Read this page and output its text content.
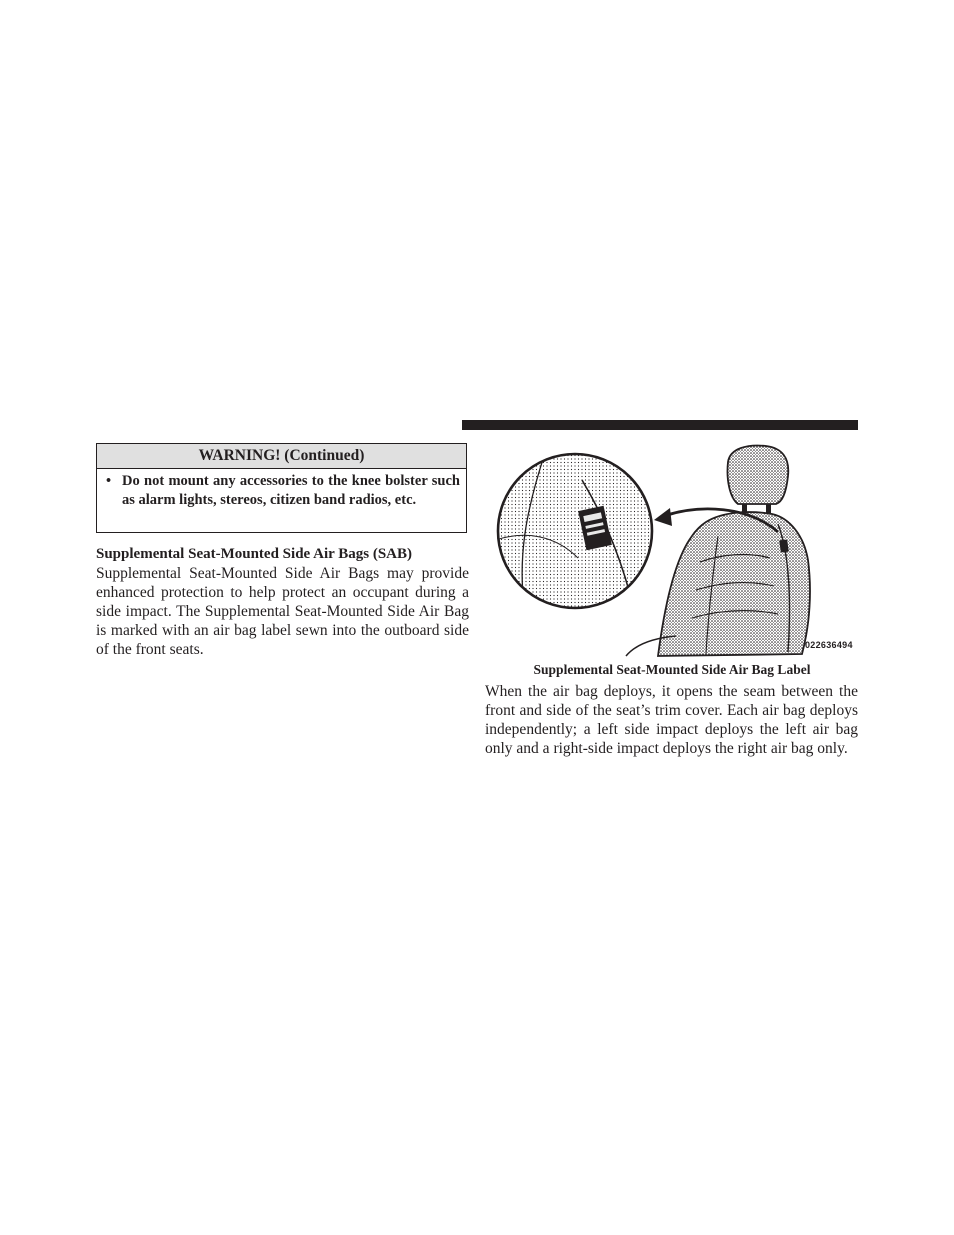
WARNING! (Continued)
• Do not mount any accessories to the knee bolster such as alarm lights, stereos, citizen band radios, etc.

Supplemental Seat-Mounted Side Air Bags (SAB)

Supplemental Seat-Mounted Side Air Bags may provide enhanced protection to help protect an occupant during a side impact. The Supplemental Seat-Mounted Side Air Bag is marked with an air bag label sewn into the outboard side of the front seats.	022636494
Supplemental Seat-Mounted Side Air Bag Label

When the air bag deploys, it opens the seam between the front and side of the seat’s trim cover. Each air bag deploys independently; a left side impact deploys the left air bag only and a right-side impact deploys the right air bag only.
